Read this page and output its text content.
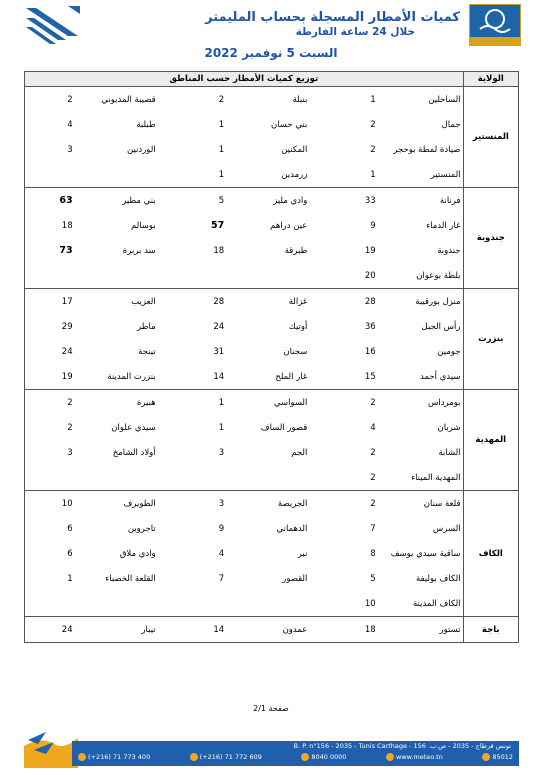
كميات الأمطار المسجلة بحساب المليمتر
خلال 24 ساعة الفارطة
السبت 5 نوفمبر 2022
الولاية	توزيع كميات الأمطار حسب المناطق					
المنستير	الساحلين	1	بنبلة	2	قصيبة المديوني	2
	جمال	2	بني حسان	1	طبلبة	4
	صيادة لمطة بوحجر	2	المكنين	1	الوردنين	3
	المنستير	1	زرمدين	1		
جندوبة	فرنانة	33	وادي مليز	5	بني مطير	63
	غار الدماء	9	عين دراهم	57	بوسالم	18
	جندوبة	19	طبرقة	18	سد بربرة	73
	بلطة بوعوان	20				
بنزرت	منزل بورقيبة	28	غزالة	28	العزيب	17
	رأس الجبل	36	أوتيك	24	ماطر	29
	جومين	16	سجنان	31	تينجة	24
	سيدي أحمد	15	غار الملح	14	بنزرت المدينة	19
المهدية	بومرداس	2	السواسي	1	هبيرة	2
	شربان	4	قصور الساف	1	سيدي علوان	2
	الشابة	2	الجم	3	أولاد الشامخ	3
	المهدية الميناء	2				
الكاف	قلعة سنان	2	الجريصة	3	الطويرف	10
	السرس	7	الدهماني	9	تاجروين	6
	ساقية سيدي يوسف	8	نبر	4	وادي ملاق	6
	الكاف بوليفة	5	القصور	7	القلعة الخصباء	1
	الكاف المدينة	10				
باجة	تستور	18	عمدون	14	تيبار	24
صفحة 2/1
B. P. n°156 - 2035 - Tunis Carthage - تونس قرطاج - 2035 - ص.ب. 156
(+216) 71 773 400	(+216) 71 772 609	8040 0000	www.meteo.tn	85012
